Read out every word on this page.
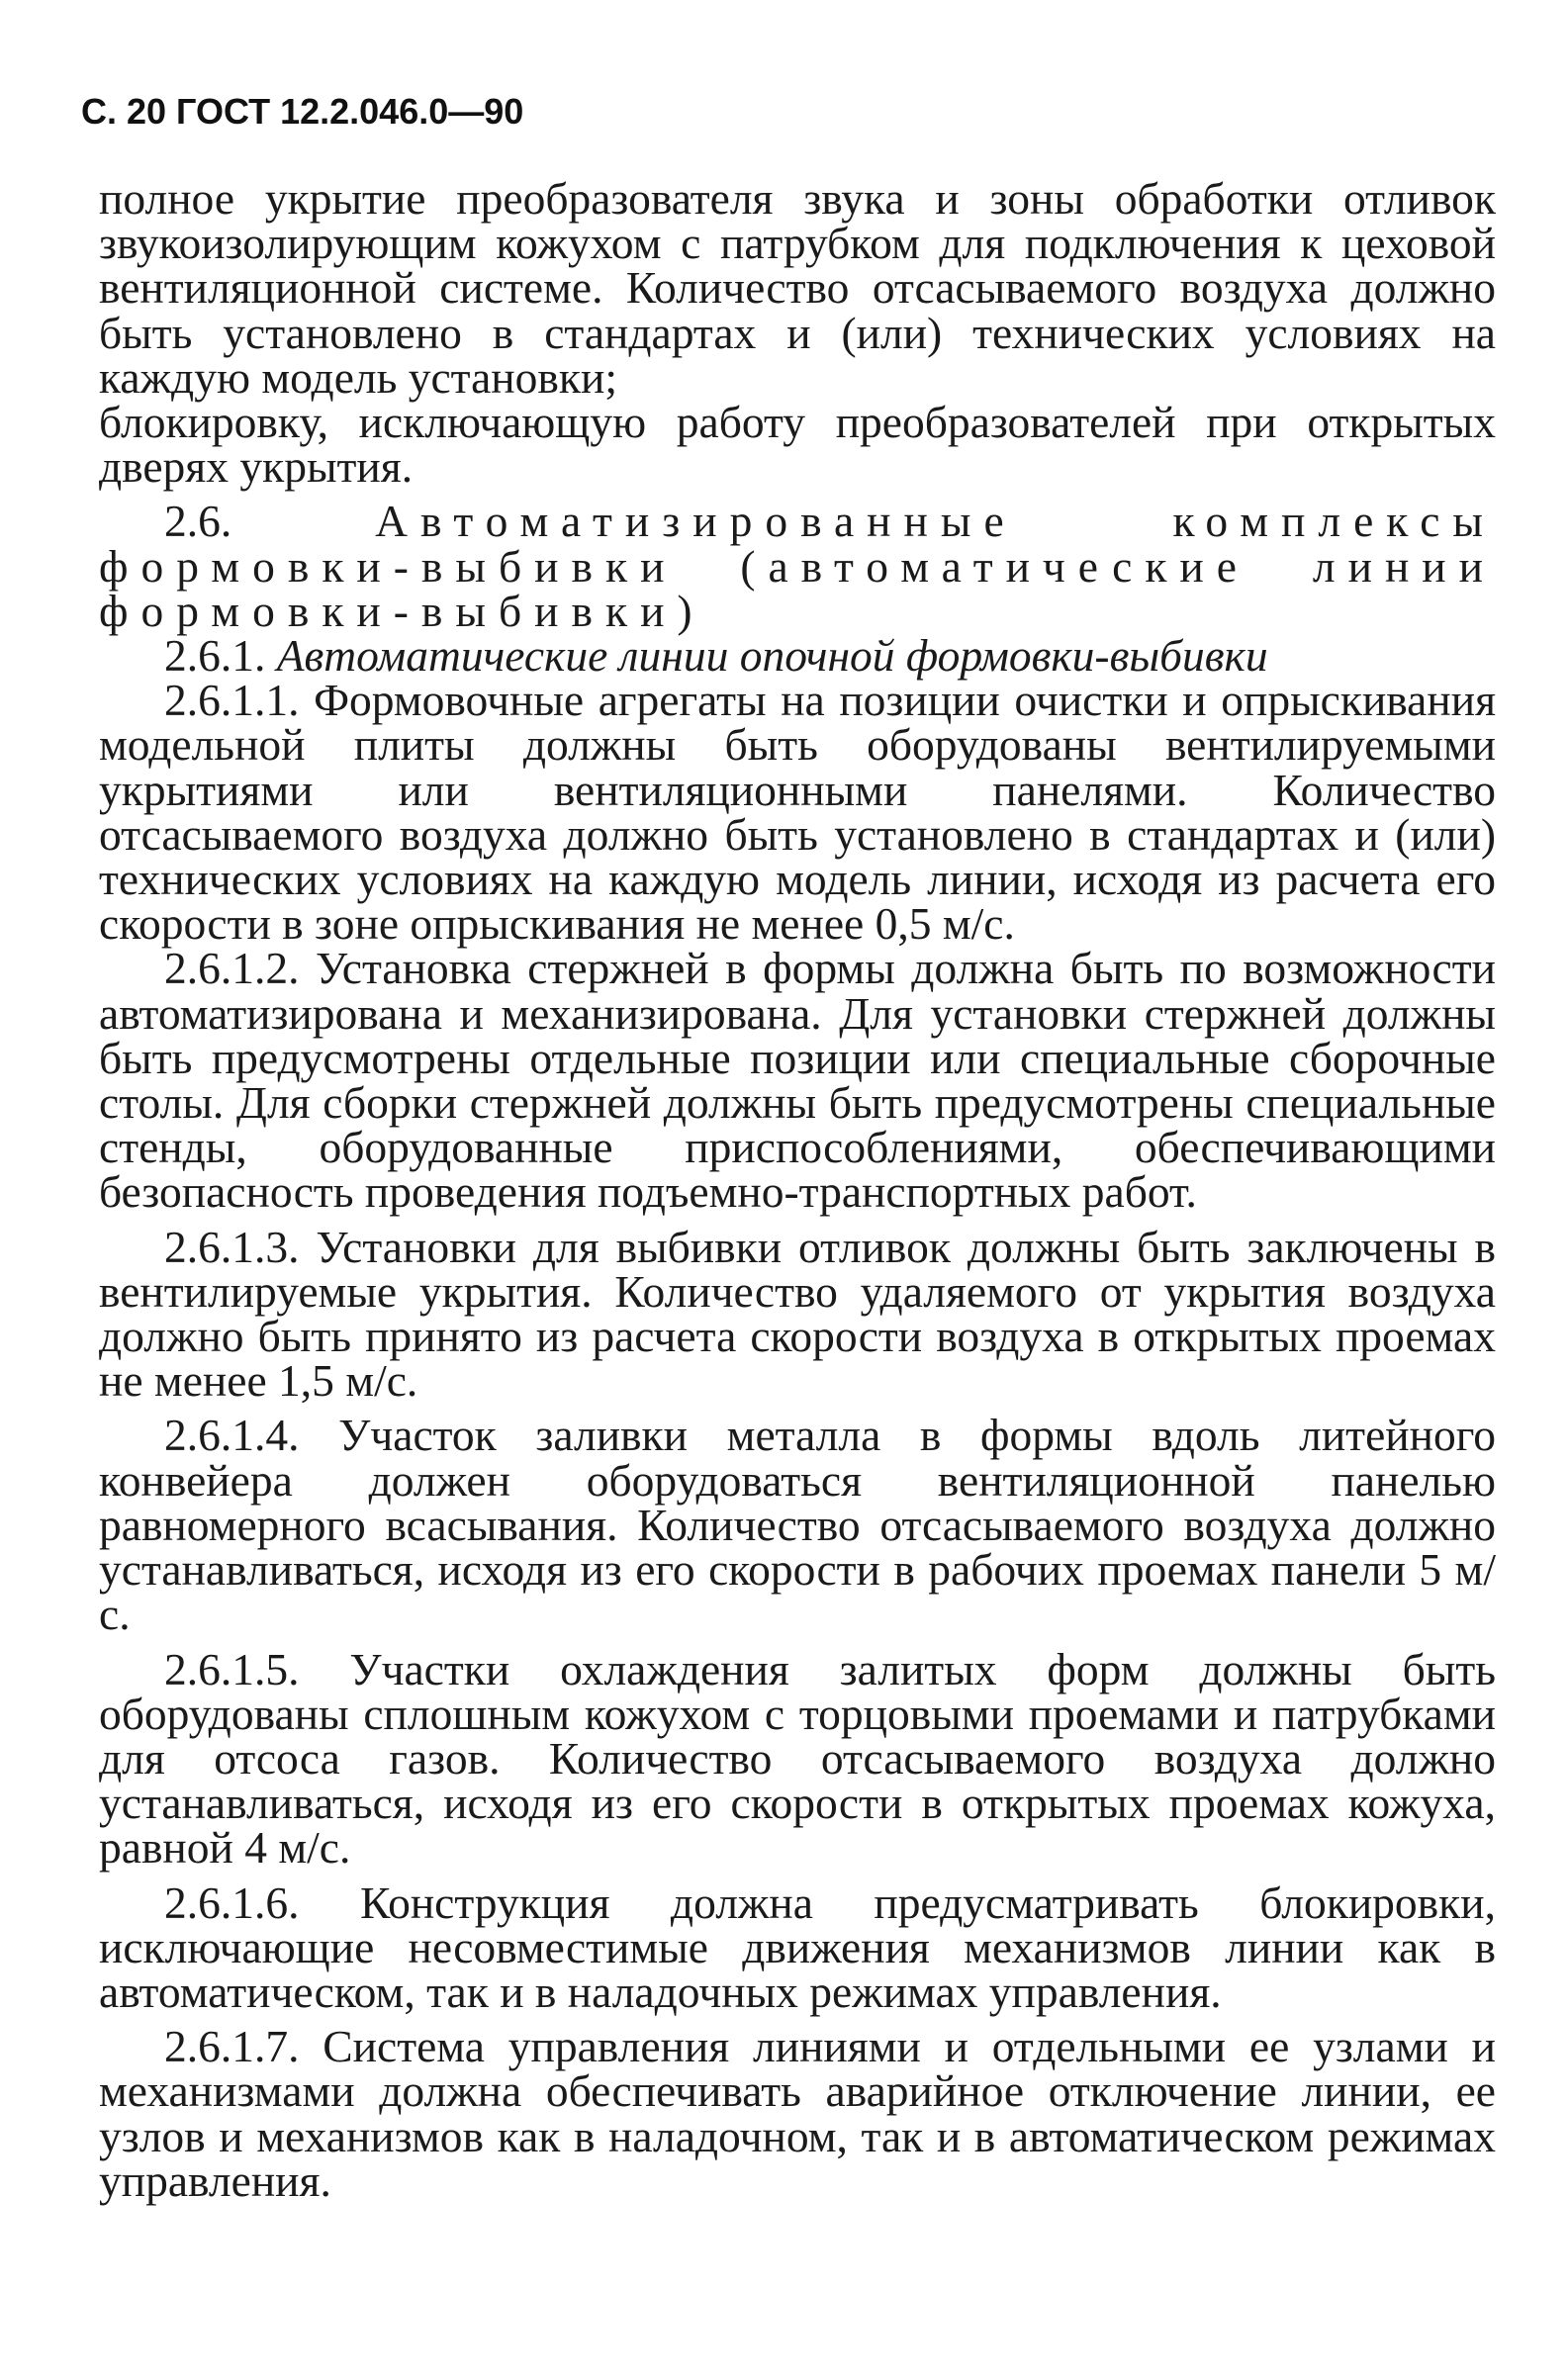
С. 20 ГОСТ 12.2.046.0—90

полное укрытие преобразователя звука и зоны обработки отливок звукоизолирующим кожухом с патрубком для подключения к цеховой вентиляционной системе. Количество отсасываемого воздуха должно быть установлено в стандартах и (или) технических условиях на каждую модель установки;

блокировку, исключающую работу преобразователей при открытых дверях укрытия.

2.6.	Автоматизированные комплексы формовки-выбивки (автоматические линии формовки-выбивки)

2.6.1. Автоматические линии опочной формовки-выбивки

2.6.1.1. Формовочные агрегаты на позиции очистки и опрыскивания модельной плиты должны быть оборудованы вентилируемыми укрытиями или вентиляционными панелями. Количество отсасываемого воздуха должно быть установлено в стандартах и (или) технических условиях на каждую модель линии, исходя из расчета его скорости в зоне опрыскивания не менее 0,5 м/с.

2.6.1.2. Установка стержней в формы должна быть по возможности автоматизирована и механизирована. Для установки стержней должны быть предусмотрены отдельные позиции или специальные сборочные столы. Для сборки стержней должны быть предусмотрены специальные стенды, оборудованные приспособлениями, обеспечивающими безопасность проведения подъемно-транспортных работ.

2.6.1.3. Установки для выбивки отливок должны быть заключены в вентилируемые укрытия. Количество удаляемого от укрытия воздуха должно быть принято из расчета скорости воздуха в открытых проемах не менее 1,5 м/с.

2.6.1.4. Участок заливки металла в формы вдоль литейного конвейера должен оборудоваться вентиляционной панелью равномерного всасывания. Количество отсасываемого воздуха должно устанавливаться, исходя из его скорости в рабочих проемах панели 5 м/с.

2.6.1.5. Участки охлаждения залитых форм должны быть оборудованы сплошным кожухом с торцовыми проемами и патрубками для отсоса газов. Количество отсасываемого воздуха должно устанавливаться, исходя из его скорости в открытых проемах кожуха, равной 4 м/с.

2.6.1.6. Конструкция должна предусматривать блокировки, исключающие несовместимые движения механизмов линии как в автоматическом, так и в наладочных режимах управления.

2.6.1.7. Система управления линиями и отдельными ее узлами и механизмами должна обеспечивать аварийное отключение линии, ее узлов и механизмов как в наладочном, так и в автоматическом режимах управления.
